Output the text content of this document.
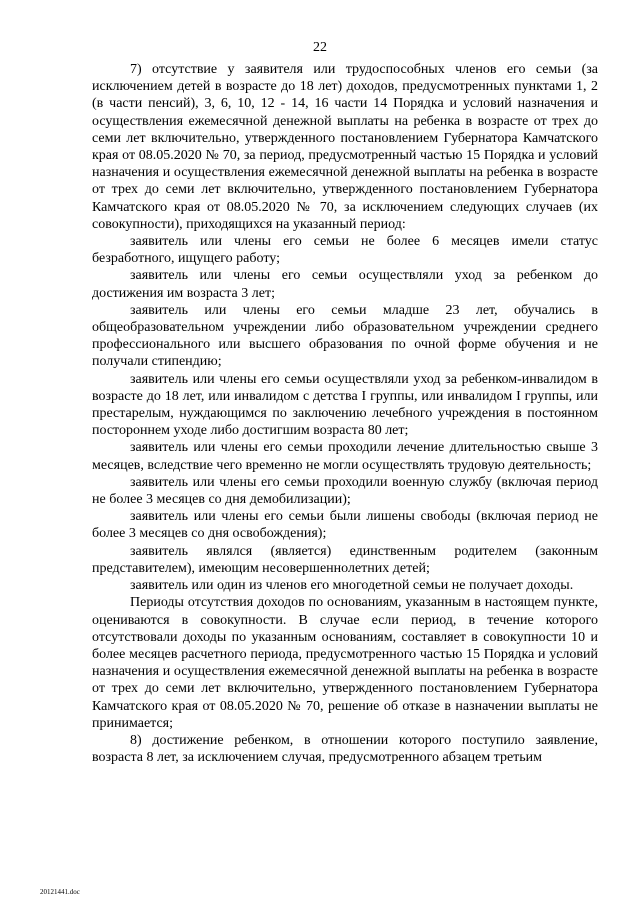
22

7) отсутствие у заявителя или трудоспособных членов его семьи (за исключением детей в возрасте до 18 лет) доходов, предусмотренных пунктами 1, 2 (в части пенсий), 3, 6, 10, 12 - 14, 16 части 14 Порядка и условий назначения и осуществления ежемесячной денежной выплаты на ребенка в возрасте от трех до семи лет включительно, утвержденного постановлением Губернатора Камчатского края от 08.05.2020 № 70, за период, предусмотренный частью 15 Порядка и условий назначения и осуществления ежемесячной денежной выплаты на ребенка в возрасте от трех до семи лет включительно, утвержденного постановлением Губернатора Камчатского края от 08.05.2020 № 70, за исключением следующих случаев (их совокупности), приходящихся на указанный период:

заявитель или члены его семьи не более 6 месяцев имели статус безработного, ищущего работу;

заявитель или члены его семьи осуществляли уход за ребенком до достижения им возраста 3 лет;

заявитель или члены его семьи младше 23 лет, обучались в общеобразовательном учреждении либо образовательном учреждении среднего профессионального или высшего образования по очной форме обучения и не получали стипендию;

заявитель или члены его семьи осуществляли уход за ребенком-инвалидом в возрасте до 18 лет, или инвалидом с детства I группы, или инвалидом I группы, или престарелым, нуждающимся по заключению лечебного учреждения в постоянном постороннем уходе либо достигшим возраста 80 лет;

заявитель или члены его семьи проходили лечение длительностью свыше 3 месяцев, вследствие чего временно не могли осуществлять трудовую деятельность;

заявитель или члены его семьи проходили военную службу (включая период не более 3 месяцев со дня демобилизации);

заявитель или члены его семьи были лишены свободы (включая период не более 3 месяцев со дня освобождения);

заявитель являлся (является) единственным родителем (законным представителем), имеющим несовершеннолетних детей;

заявитель или один из членов его многодетной семьи не получает доходы.

Периоды отсутствия доходов по основаниям, указанным в настоящем пункте, оцениваются в совокупности. В случае если период, в течение которого отсутствовали доходы по указанным основаниям, составляет в совокупности 10 и более месяцев расчетного периода, предусмотренного частью 15 Порядка и условий назначения и осуществления ежемесячной денежной выплаты на ребенка в возрасте от трех до семи лет включительно, утвержденного постановлением Губернатора Камчатского края от 08.05.2020 № 70, решение об отказе в назначении выплаты не принимается;

8) достижение ребенком, в отношении которого поступило заявление, возраста 8 лет, за исключением случая, предусмотренного абзацем третьим

20121441.doc
